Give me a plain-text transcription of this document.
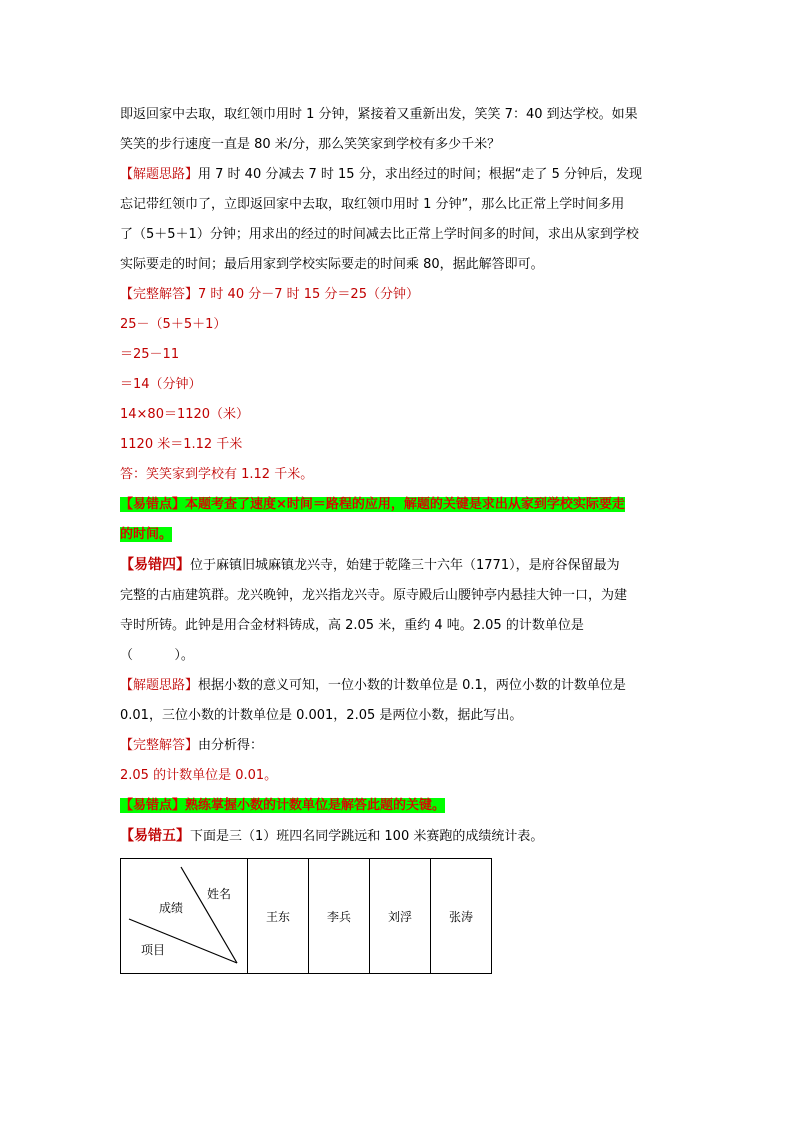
即返回家中去取，取红领巾用时 1 分钟，紧接着又重新出发，笑笑 7：40 到达学校。如果

笑笑的步行速度一直是 80 米/分，那么笑笑家到学校有多少千米？

【解题思路】用 7 时 40 分减去 7 时 15 分，求出经过的时间；根据“走了 5 分钟后，发现

忘记带红领巾了，立即返回家中去取，取红领巾用时 1 分钟”，那么比正常上学时间多用

了（5＋5＋1）分钟；用求出的经过的时间减去比正常上学时间多的时间，求出从家到学校

实际要走的时间；最后用家到学校实际要走的时间乘 80，据此解答即可。

【完整解答】7 时 40 分－7 时 15 分＝25（分钟）

25－（5＋5＋1）

＝25－11

＝14（分钟）

14×80＝1120（米）

1120 米＝1.12 千米

答：笑笑家到学校有 1.12 千米。

【易错点】本题考查了速度×时间＝路程的应用，解题的关键是求出从家到学校实际要走

的时间。

【易错四】位于麻镇旧城麻镇龙兴寺，始建于乾隆三十六年（1771），是府谷保留最为

完整的古庙建筑群。龙兴晚钟，龙兴指龙兴寺。原寺殿后山腰钟亭内悬挂大钟一口，为建

寺时所铸。此钟是用合金材料铸成，高 2.05 米，重约 4 吨。2.05 的计数单位是

（          ）。

【解题思路】根据小数的意义可知，一位小数的计数单位是 0.1，两位小数的计数单位是

0.01，三位小数的计数单位是 0.001，2.05 是两位小数，据此写出。

【完整解答】由分析得：

2.05 的计数单位是 0.01。

【易错点】熟练掌握小数的计数单位是解答此题的关键。

【易错五】下面是三（1）班四名同学跳远和 100 米赛跑的成绩统计表。

姓名
成绩
项目
	王东	李兵	刘浮	张涛
